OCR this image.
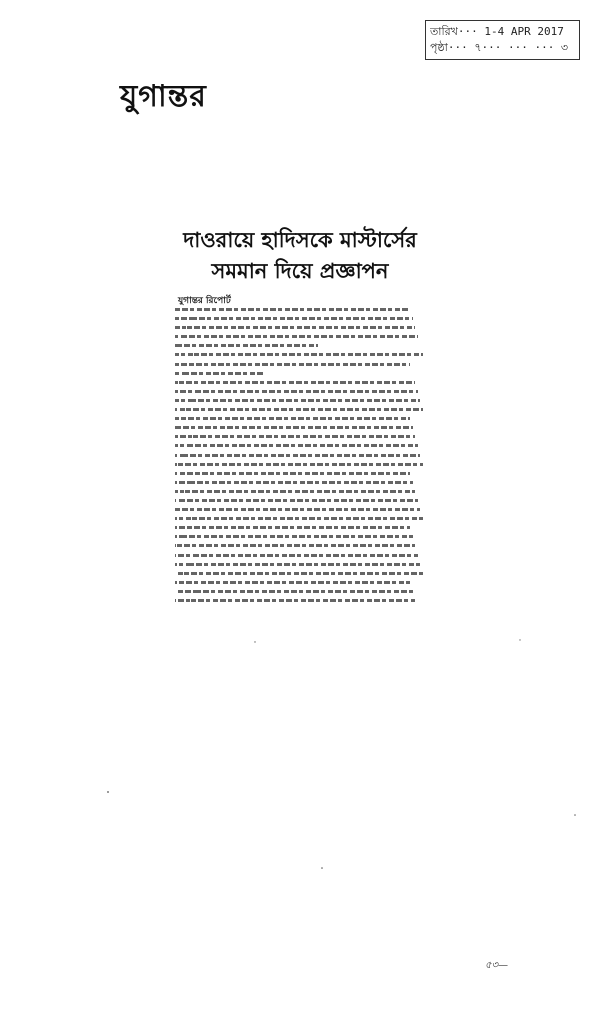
তারিখ··· 1-4 APR 2017
পৃষ্ঠা··· ৭··· ··· ··· ৩
যুগান্তর
দাওরায়ে হাদিসকে মাস্টার্সের
সমমান দিয়ে প্রজ্ঞাপন
যুগান্তর রিপোর্ট
৫৩—
